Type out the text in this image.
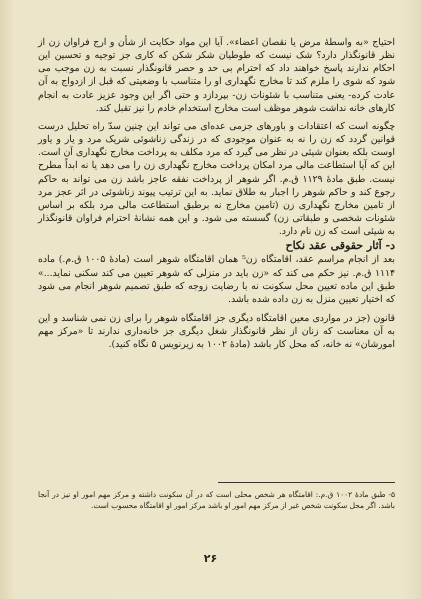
احتیاج «به واسطهٔ مرض یا نقصان اعضاء». آیا این مواد حکایت از شأن و ارج فراوان زن از نظر قانونگذار دارد؟ شک نیست که طوطیان شکر شکن که کاری جز توجیه و تحسین این احکام ندارند پاسخ خواهند داد که احترام بی حد و حصر قانونگذار نسبت به زن موجب می شود که شوی را ملزم کند تا مخارج نگهداری او را متناسب با وضعیتی که قبل از ازدواج به آن عادت کرده- یعنی متناسب با شئونات زن- بپردازد و حتی اگر این وجود عزیز عادت به انجام کارهای خانه نداشت شوهر موظف است مخارج استخدام خادم را نیز تقبل کند.

چگونه است که اعتقادات و باورهای جزمی عده‌ای می تواند این چنین سدّ راه تحلیل درست قوانین گردد که زن را نه به عنوان موجودی که در زندگی زناشوئی شریک مرد و یار و یاور اوست بلکه بعنوان شیئی در نظر می گیرد که مرد مکلف به پرداخت مخارج نگهداری آن است. این که آیا استطاعت مالی مرد امکان پرداخت مخارج نگهداری زن را می دهد یا نه ابداً مطرح نیست. طبق مادهٔ ۱۱۲۹ ق.م. اگر شوهر از پرداخت نفقه عاجز باشد زن می تواند به حاکم رجوع کند و حاکم شوهر را اجبار به طلاق نماید. به این ترتیب پیوند زناشوئی در اثر عجز مرد از تامین مخارج نگهداری زن (تامین مخارج نه برطبق استطاعت مالی مرد بلکه بر اساس شئونات شخصی و طبقاتی زن) گسسته می شود. و این همه نشانهٔ احترام فراوان قانونگذار به شیئی است که زن نام دارد.

د- آثار حقوقی عقد نکاح

بعد از انجام مراسم عقد، اقامتگاه زن⁵ همان اقامتگاه شوهر است (مادهٔ ۱۰۰۵ ق.م.) ماده ۱۱۱۴ ق.م. نیز حکم می کند که «زن باید در منزلی که شوهر تعیین می کند سکنی نماید...» طبق این ماده تعیین محل سکونت نه با رضایت زوجه که طبق تصمیم شوهر انجام می شود که اختیار تعیین منزل به زن داده شده باشد.

قانون (جز در مواردی معین اقامتگاه دیگری جز اقامتگاه شوهر را برای زن نمی شناسد و این به آن معناست که زنان از نظر قانونگذار شغل دیگری جز خانه‌داری ندارند تا «مرکز مهم امورشان» نه خانه، که محل کار باشد (مادهٔ ۱۰۰۲ به زیرنویس ۵ نگاه کنید).

۵- طبق مادهٔ ۱۰۰۲ ق.م.: اقامتگاه هر شخص محلی است که در آن سکونت داشته و مرکز مهم امور او نیز در آنجا باشد. اگر محل سکونت شخص غیر از مرکز مهم امور او باشد مرکز امور او اقامتگاه محسوب است.

۲۶
